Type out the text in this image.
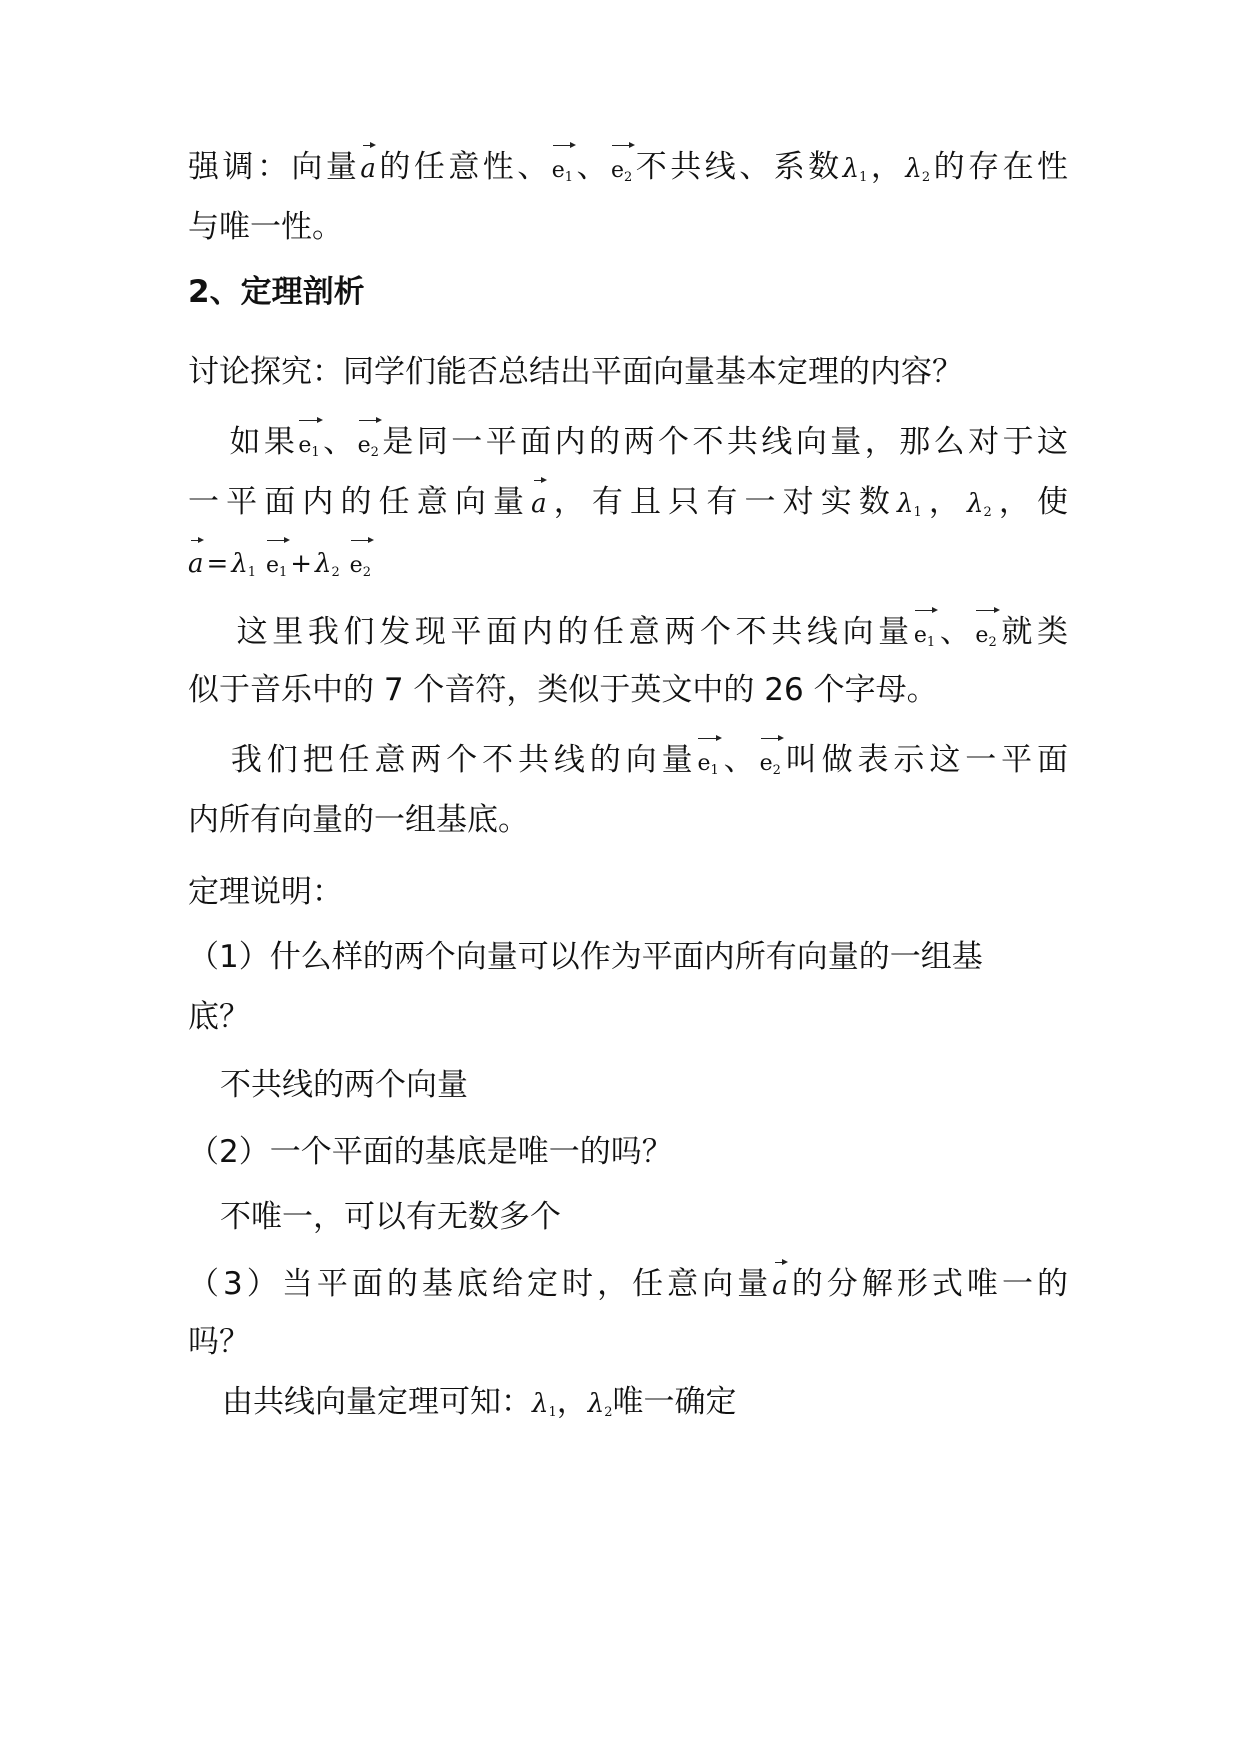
强调：向量a的任意性、$e_1$、$e_2$不共线、系数$\lambda_1$，$\lambda_2$的存在性
与唯一性。
2、定理剖析
讨论探究：同学们能否总结出平面向量基本定理的内容？
如果$e_1$、$e_2$是同一平面内的两个不共线向量，那么对于这
一平面内的任意向量a，有且只有一对实数$\lambda_1$，$\lambda_2$，使
$a = \lambda_1$ $e_1 + \lambda_2$ $e_2$
这里我们发现平面内的任意两个不共线向量$e_1$、$e_2$就类
似于音乐中的 7 个音符，类似于英文中的 26 个字母。
我们把任意两个不共线的向量$e_1$、$e_2$叫做表示这一平面
内所有向量的一组基底。
定理说明：
（1）什么样的两个向量可以作为平面内所有向量的一组基
底？
不共线的两个向量
（2）一个平面的基底是唯一的吗？
不唯一，可以有无数多个
（3）当平面的基底给定时，任意向量a的分解形式唯一的
吗？
由共线向量定理可知：$\lambda_1$，$\lambda_2$唯一确定
